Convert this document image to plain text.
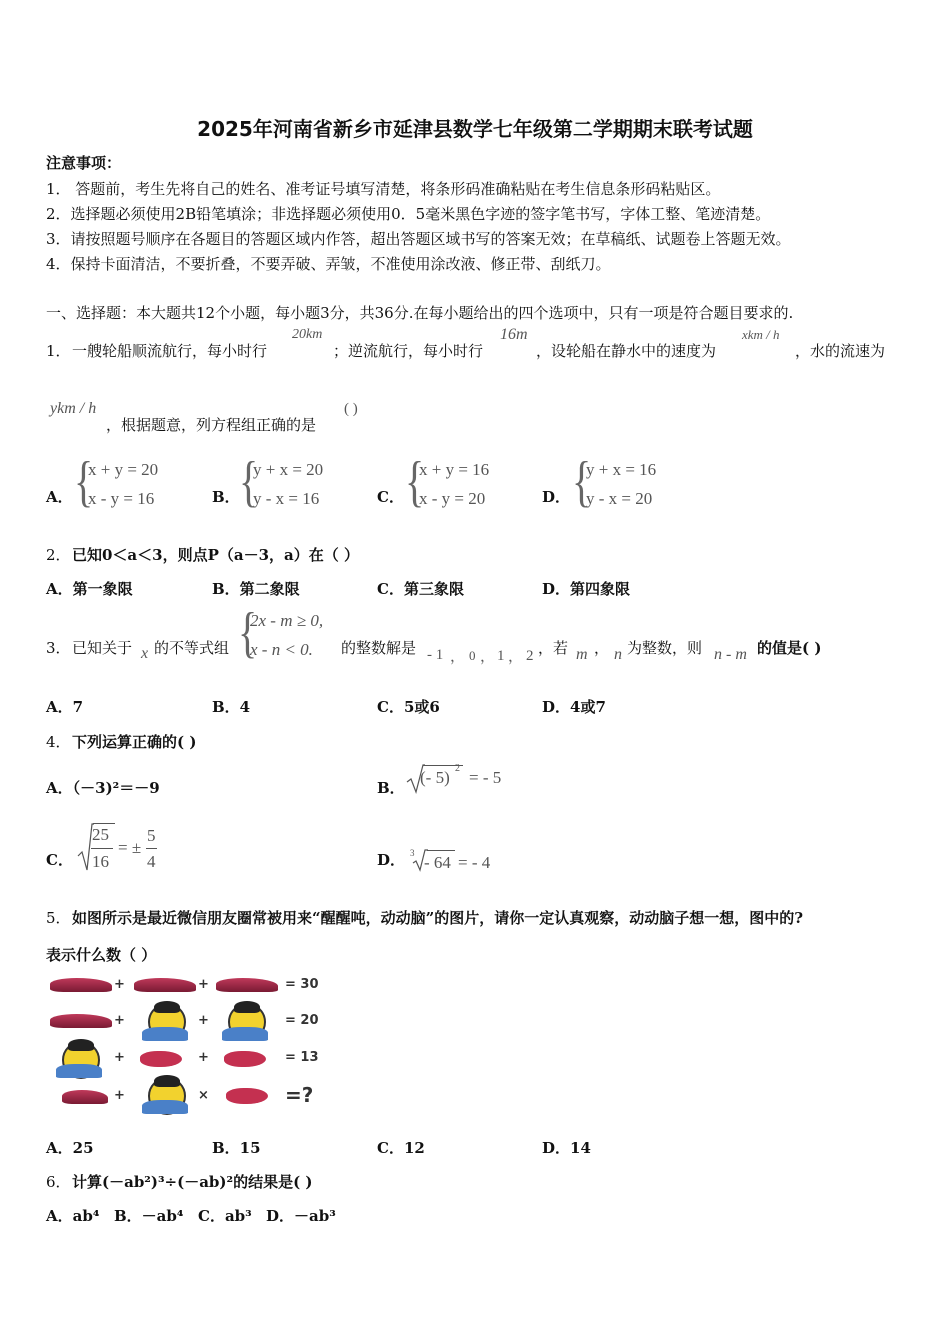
2025年河南省新乡市延津县数学七年级第二学期期末联考试题
注意事项：
1． 答题前，考生先将自己的姓名、准考证号填写清楚，将条形码准确粘贴在考生信息条形码粘贴区。
2．选择题必须使用2B铅笔填涂；非选择题必须使用0．5毫米黑色字迹的签字笔书写，字体工整、笔迹清楚。
3．请按照题号顺序在各题目的答题区域内作答，超出答题区域书写的答案无效；在草稿纸、试题卷上答题无效。
4．保持卡面清洁，不要折叠，不要弄破、弄皱，不准使用涂改液、修正带、刮纸刀。
一、选择题：本大题共12个小题，每小题3分，共36分.在每小题给出的四个选项中，只有一项是符合题目要求的.
1． 一艘轮船顺流航行，每小时行
20km
；逆流航行，每小时行
16m
，设轮船在静水中的速度为
xkm / h
，水的流速为
ykm / h
，根据题意，列方程组正确的是
( )
A． {
x + y = 20
x - y = 16	B． {
y + x = 20
y - x = 16	C． {
x + y = 16
x - y = 20	D． {
y + x = 16
y - x = 20
2． 已知0＜a＜3，则点P（a－3，a）在（ ）
A．第一象限	B．第二象限	C．第三象限	D．第四象限
3． 已知关于 x 的不等式组 {
2x - m ≥ 0,
x - n < 0. 的整数解是 - 1 ， 0 ， 1 ， 2 ，若 m ， n 为整数，则 n - m 的值是( )
A．7	B．4	C．5或6	D．4或7
4． 下列运算正确的( )
A．（－3)²＝－9	B．
(- 5) 2 = - 5
C．
25
16
= ±
5
4	D． 3 - 64 = - 4
5． 如图所示是最近微信朋友圈常被用来“醒醒吨，动动脑”的图片，请你一定认真观察，动动脑子想一想，图中的?
表示什么数（ ）
+	+	= 30
+	+	= 20
+	+	= 13
+	×	=?
A．25	B．15	C．12	D．14
6． 计算(－ab²)³÷(－ab)²的结果是( )
A．ab⁴ B．－ab⁴ C．ab³ D．－ab³
